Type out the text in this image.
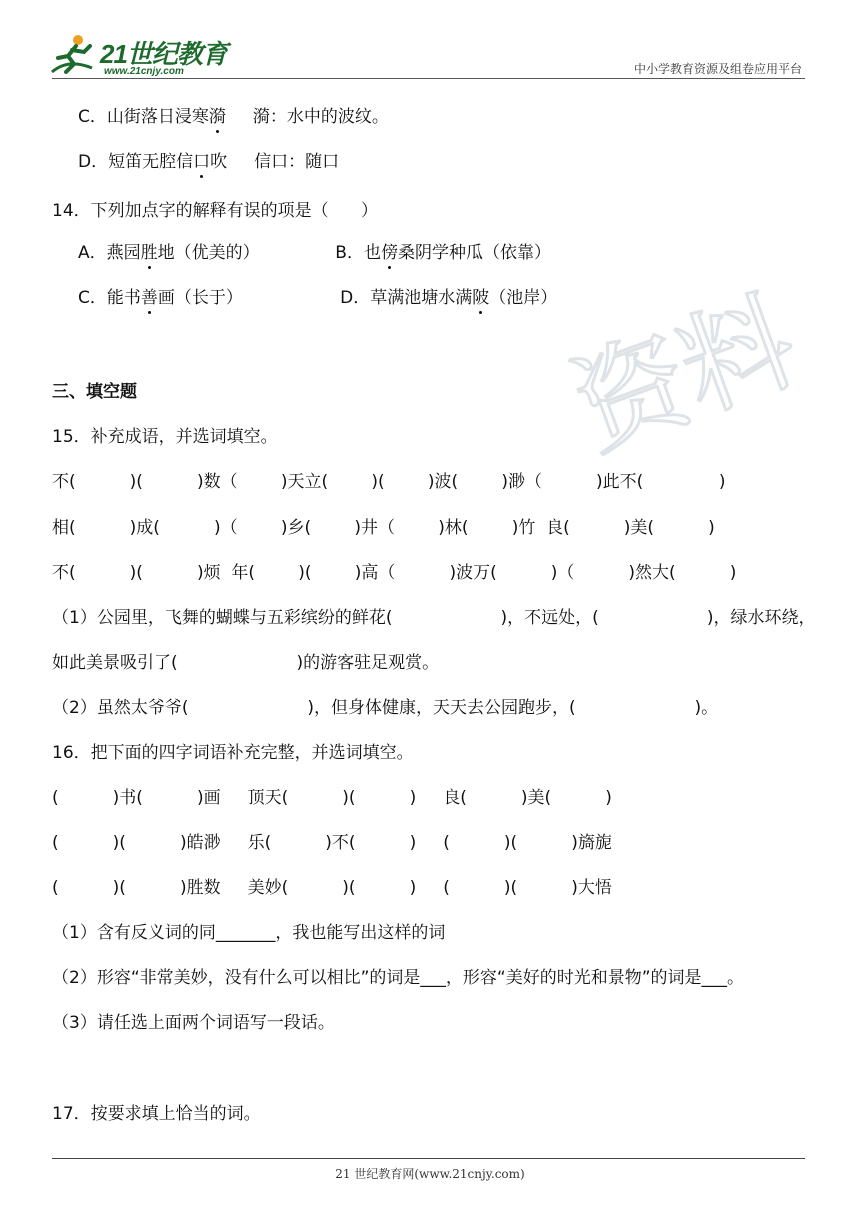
21世纪教育
www.21cnjy.com	中小学教育资源及组卷应用平台
资料
C．山街落日浸寒漪     漪：水中的波纹。
D．短笛无腔信口吹     信口：随口
14．下列加点字的解释有误的项是（      ）
A．燕园胜地（优美的）              B．也傍桑阴学种瓜（依靠）
C．能书善画（长于）                  D．草满池塘水满陂（池岸）
三、填空题
15．补充成语，并选词填空。
不(          )(          )数（        )天立(        )(        )波(        )渺（          )此不(              )
相(          )成(          )（        )乡(        )井（        )林(        )竹  良(          )美(          )
不(          )(          )烦  年(        )(        )高（          )波万(          )（          )然大(          )
（1）公园里，飞舞的蝴蝶与五彩缤纷的鲜花(                    )，不远处，(                    )，绿水环绕，
如此美景吸引了(                      )的游客驻足观赏。
（2）虽然太爷爷(                      )，但身体健康，天天去公园跑步，(                      )。
16．把下面的四字词语补充完整，并选词填空。
(          )书(          )画     顶天(          )(          )     良(          )美(          )
(          )(          )皓渺     乐(          )不(          )     (          )(          )旖旎
(          )(          )胜数     美妙(          )(          )     (          )(          )大悟
（1）含有反义词的同_______，我也能写出这样的词
（2）形容“非常美妙，没有什么可以相比”的词是___，形容“美好的时光和景物”的词是___。
（3）请任选上面两个词语写一段话。
17．按要求填上恰当的词。
21 世纪教育网(www.21cnjy.com)
